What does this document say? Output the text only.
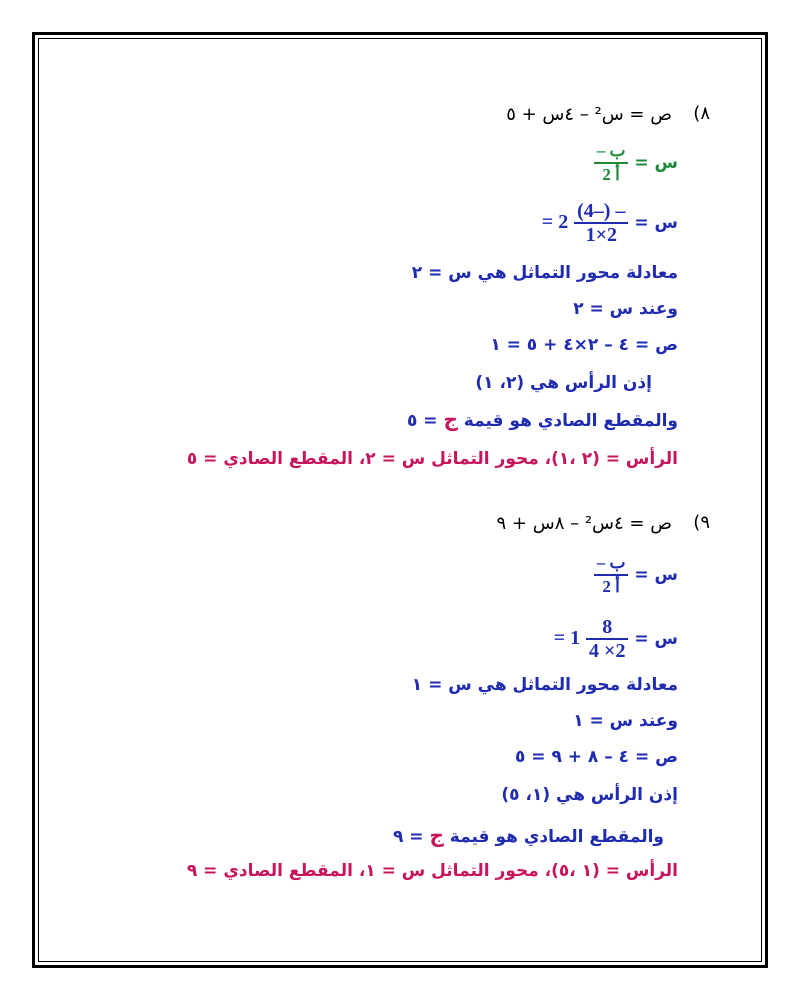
٨)
ص = س² – ٤س + ٥
س =
$\frac{\text{– ب}}{\text{2 أ}}$
س =
$\frac{(4-) -}{1\times 2}$
= 2
معادلة محور التماثل هي س = ٢
وعند س = ٢
ص = ٤ – ٢×٤ + ٥ = ١
إذن الرأس هي (٢، ١)
والمقطع الصادي هو قيمة ج = ٥
الرأس = (٢ ،١)، محور التماثل س = ٢، المقطع الصادي = ٥
٩)
ص = ٤س² – ٨س + ٩
س =
$\frac{\text{– ب}}{\text{2 أ}}$
س =
$\frac{8}{4 \times 2}$
= 1
معادلة محور التماثل هي س = ١
وعند س = ١
ص = ٤ – ٨ + ٩ = ٥
إذن الرأس هي (١، ٥)
والمقطع الصادي هو قيمة ج = ٩
الرأس = (١ ،٥)، محور التماثل س = ١، المقطع الصادي = ٩
